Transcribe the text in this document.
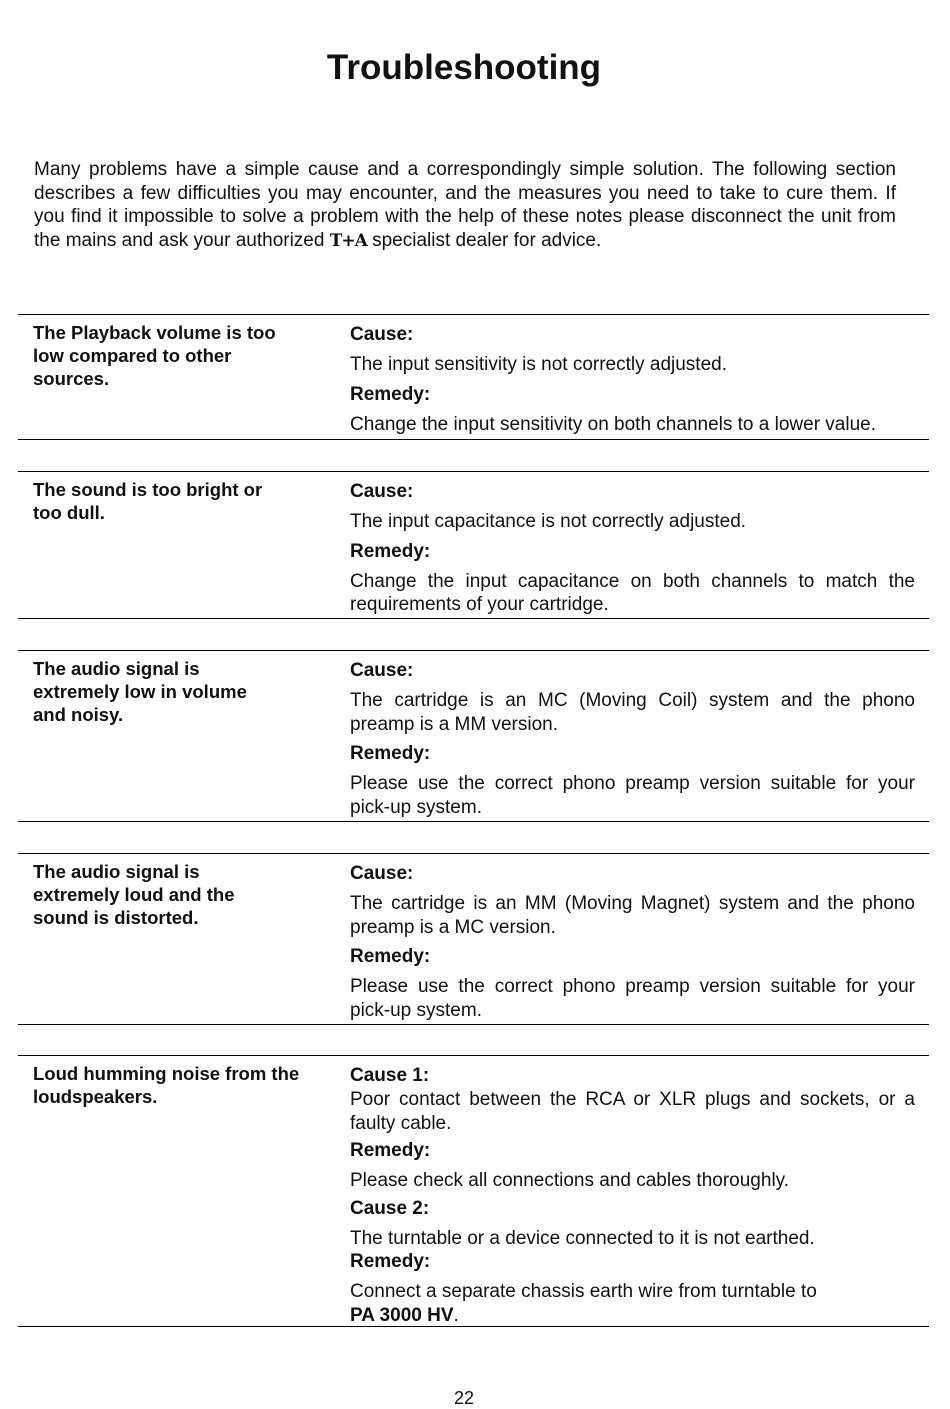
Troubleshooting
Many problems have a simple cause and a correspondingly simple solution. The following section describes a few difficulties you may encounter, and the measures you need to take to cure them. If you find it impossible to solve a problem with the help of these notes please disconnect the unit from the mains and ask your authorized T+A specialist dealer for advice.
The Playback volume is too low compared to other sources.
Cause:
The input sensitivity is not correctly adjusted.
Remedy:
Change the input sensitivity on both channels to a lower value.
The sound is too bright or too dull.
Cause:
The input capacitance is not correctly adjusted.
Remedy:
Change the input capacitance on both channels to match the requirements of your cartridge.
The audio signal is extremely low in volume and noisy.
Cause:
The cartridge is an MC (Moving Coil) system and the phono preamp is a MM version.
Remedy:
Please use the correct phono preamp version suitable for your pick-up system.
The audio signal is extremely loud and the sound is distorted.
Cause:
The cartridge is an MM (Moving Magnet) system and the phono preamp is a MC version.
Remedy:
Please use the correct phono preamp version suitable for your pick-up system.
Loud humming noise from the loudspeakers.
Cause 1:
Poor contact between the RCA or XLR plugs and sockets, or a faulty cable.
Remedy:
Please check all connections and cables thoroughly.
Cause 2:
The turntable or a device connected to it is not earthed.
Remedy:
Connect a separate chassis earth wire from turntable to
PA 3000 HV.
22
